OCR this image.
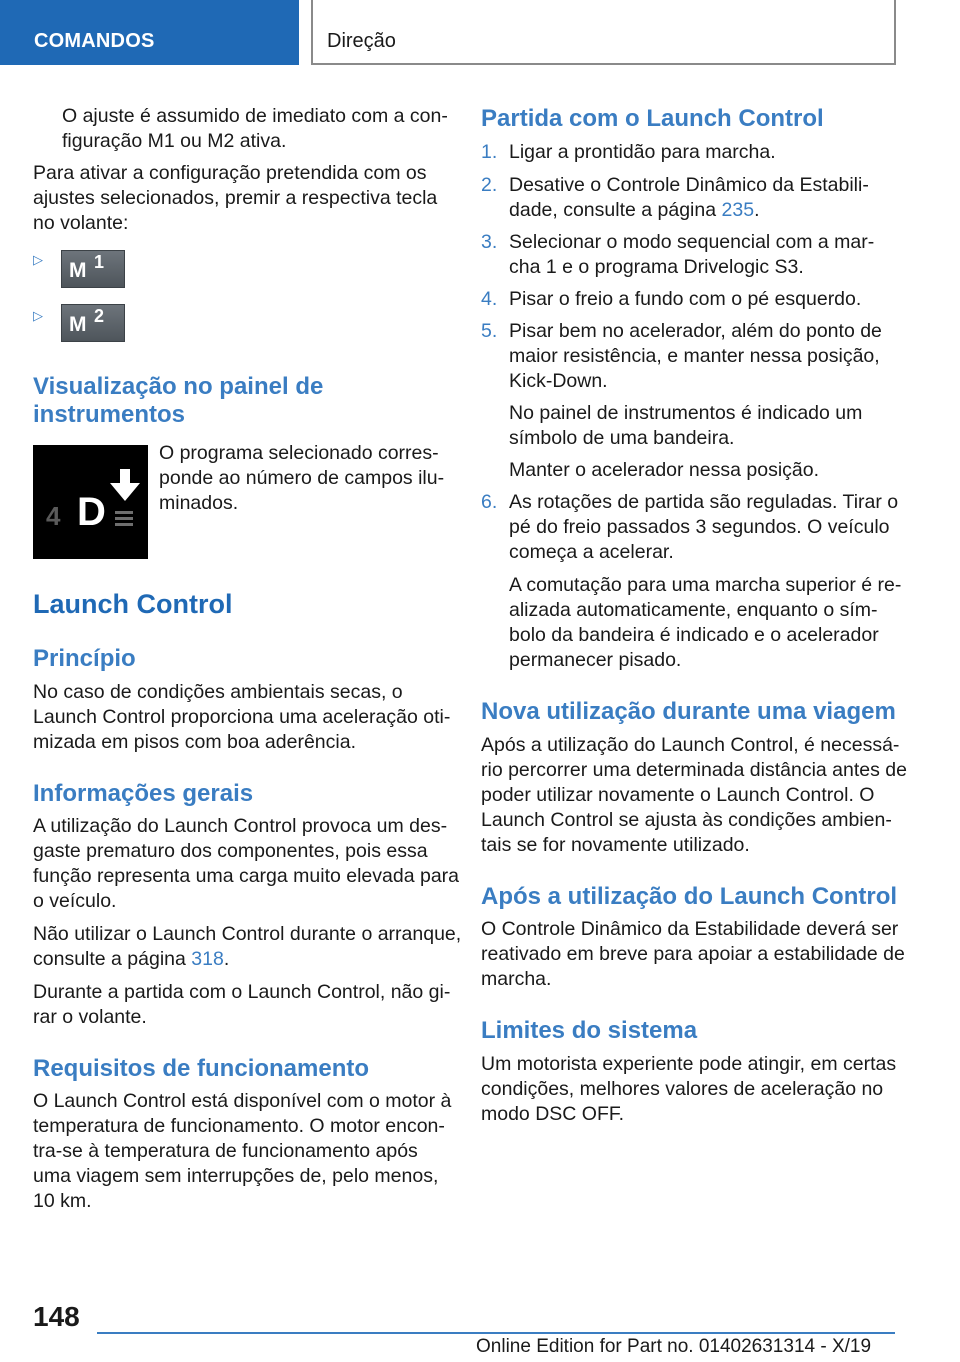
COMANDOS	Direção
O ajuste é assumido de imediato com a con‐
figuração M1 ou M2 ativa.
Para ativar a configuração pretendida com os
ajustes selecionados, premir a respectiva tecla
no volante:
▷ M 1
▷ M 2
Visualização no painel de
instrumentos
4 D
O programa selecionado corres‐
ponde ao número de campos ilu‐
minados.
Launch Control
Princípio
No caso de condições ambientais secas, o
Launch Control proporciona uma aceleração oti‐
mizada em pisos com boa aderência.
Informações gerais
A utilização do Launch Control provoca um des‐
gaste prematuro dos componentes, pois essa
função representa uma carga muito elevada para
o veículo.
Não utilizar o Launch Control durante o arranque,
consulte a página 318.
Durante a partida com o Launch Control, não gi‐
rar o volante.
Requisitos de funcionamento
O Launch Control está disponível com o motor à
temperatura de funcionamento. O motor encon‐
tra-se à temperatura de funcionamento após
uma viagem sem interrupções de, pelo menos,
10 km.
Partida com o Launch Control
1. Ligar a prontidão para marcha.
2. Desative o Controle Dinâmico da Estabili‐
dade, consulte a página 235.
3. Selecionar o modo sequencial com a mar‐
cha 1 e o programa Drivelogic S3.
4. Pisar o freio a fundo com o pé esquerdo.
5. Pisar bem no acelerador, além do ponto de
maior resistência, e manter nessa posição,
Kick-Down.
No painel de instrumentos é indicado um
símbolo de uma bandeira.
Manter o acelerador nessa posição.
6. As rotações de partida são reguladas. Tirar o
pé do freio passados 3 segundos. O veículo
começa a acelerar.
A comutação para uma marcha superior é re‐
alizada automaticamente, enquanto o sím‐
bolo da bandeira é indicado e o acelerador
permanecer pisado.
Nova utilização durante uma viagem
Após a utilização do Launch Control, é necessá‐
rio percorrer uma determinada distância antes de
poder utilizar novamente o Launch Control. O
Launch Control se ajusta às condições ambien‐
tais se for novamente utilizado.
Após a utilização do Launch Control
O Controle Dinâmico da Estabilidade deverá ser
reativado em breve para apoiar a estabilidade de
marcha.
Limites do sistema
Um motorista experiente pode atingir, em certas
condições, melhores valores de aceleração no
modo DSC OFF.
148
Online Edition for Part no. 01402631314 - X/19
